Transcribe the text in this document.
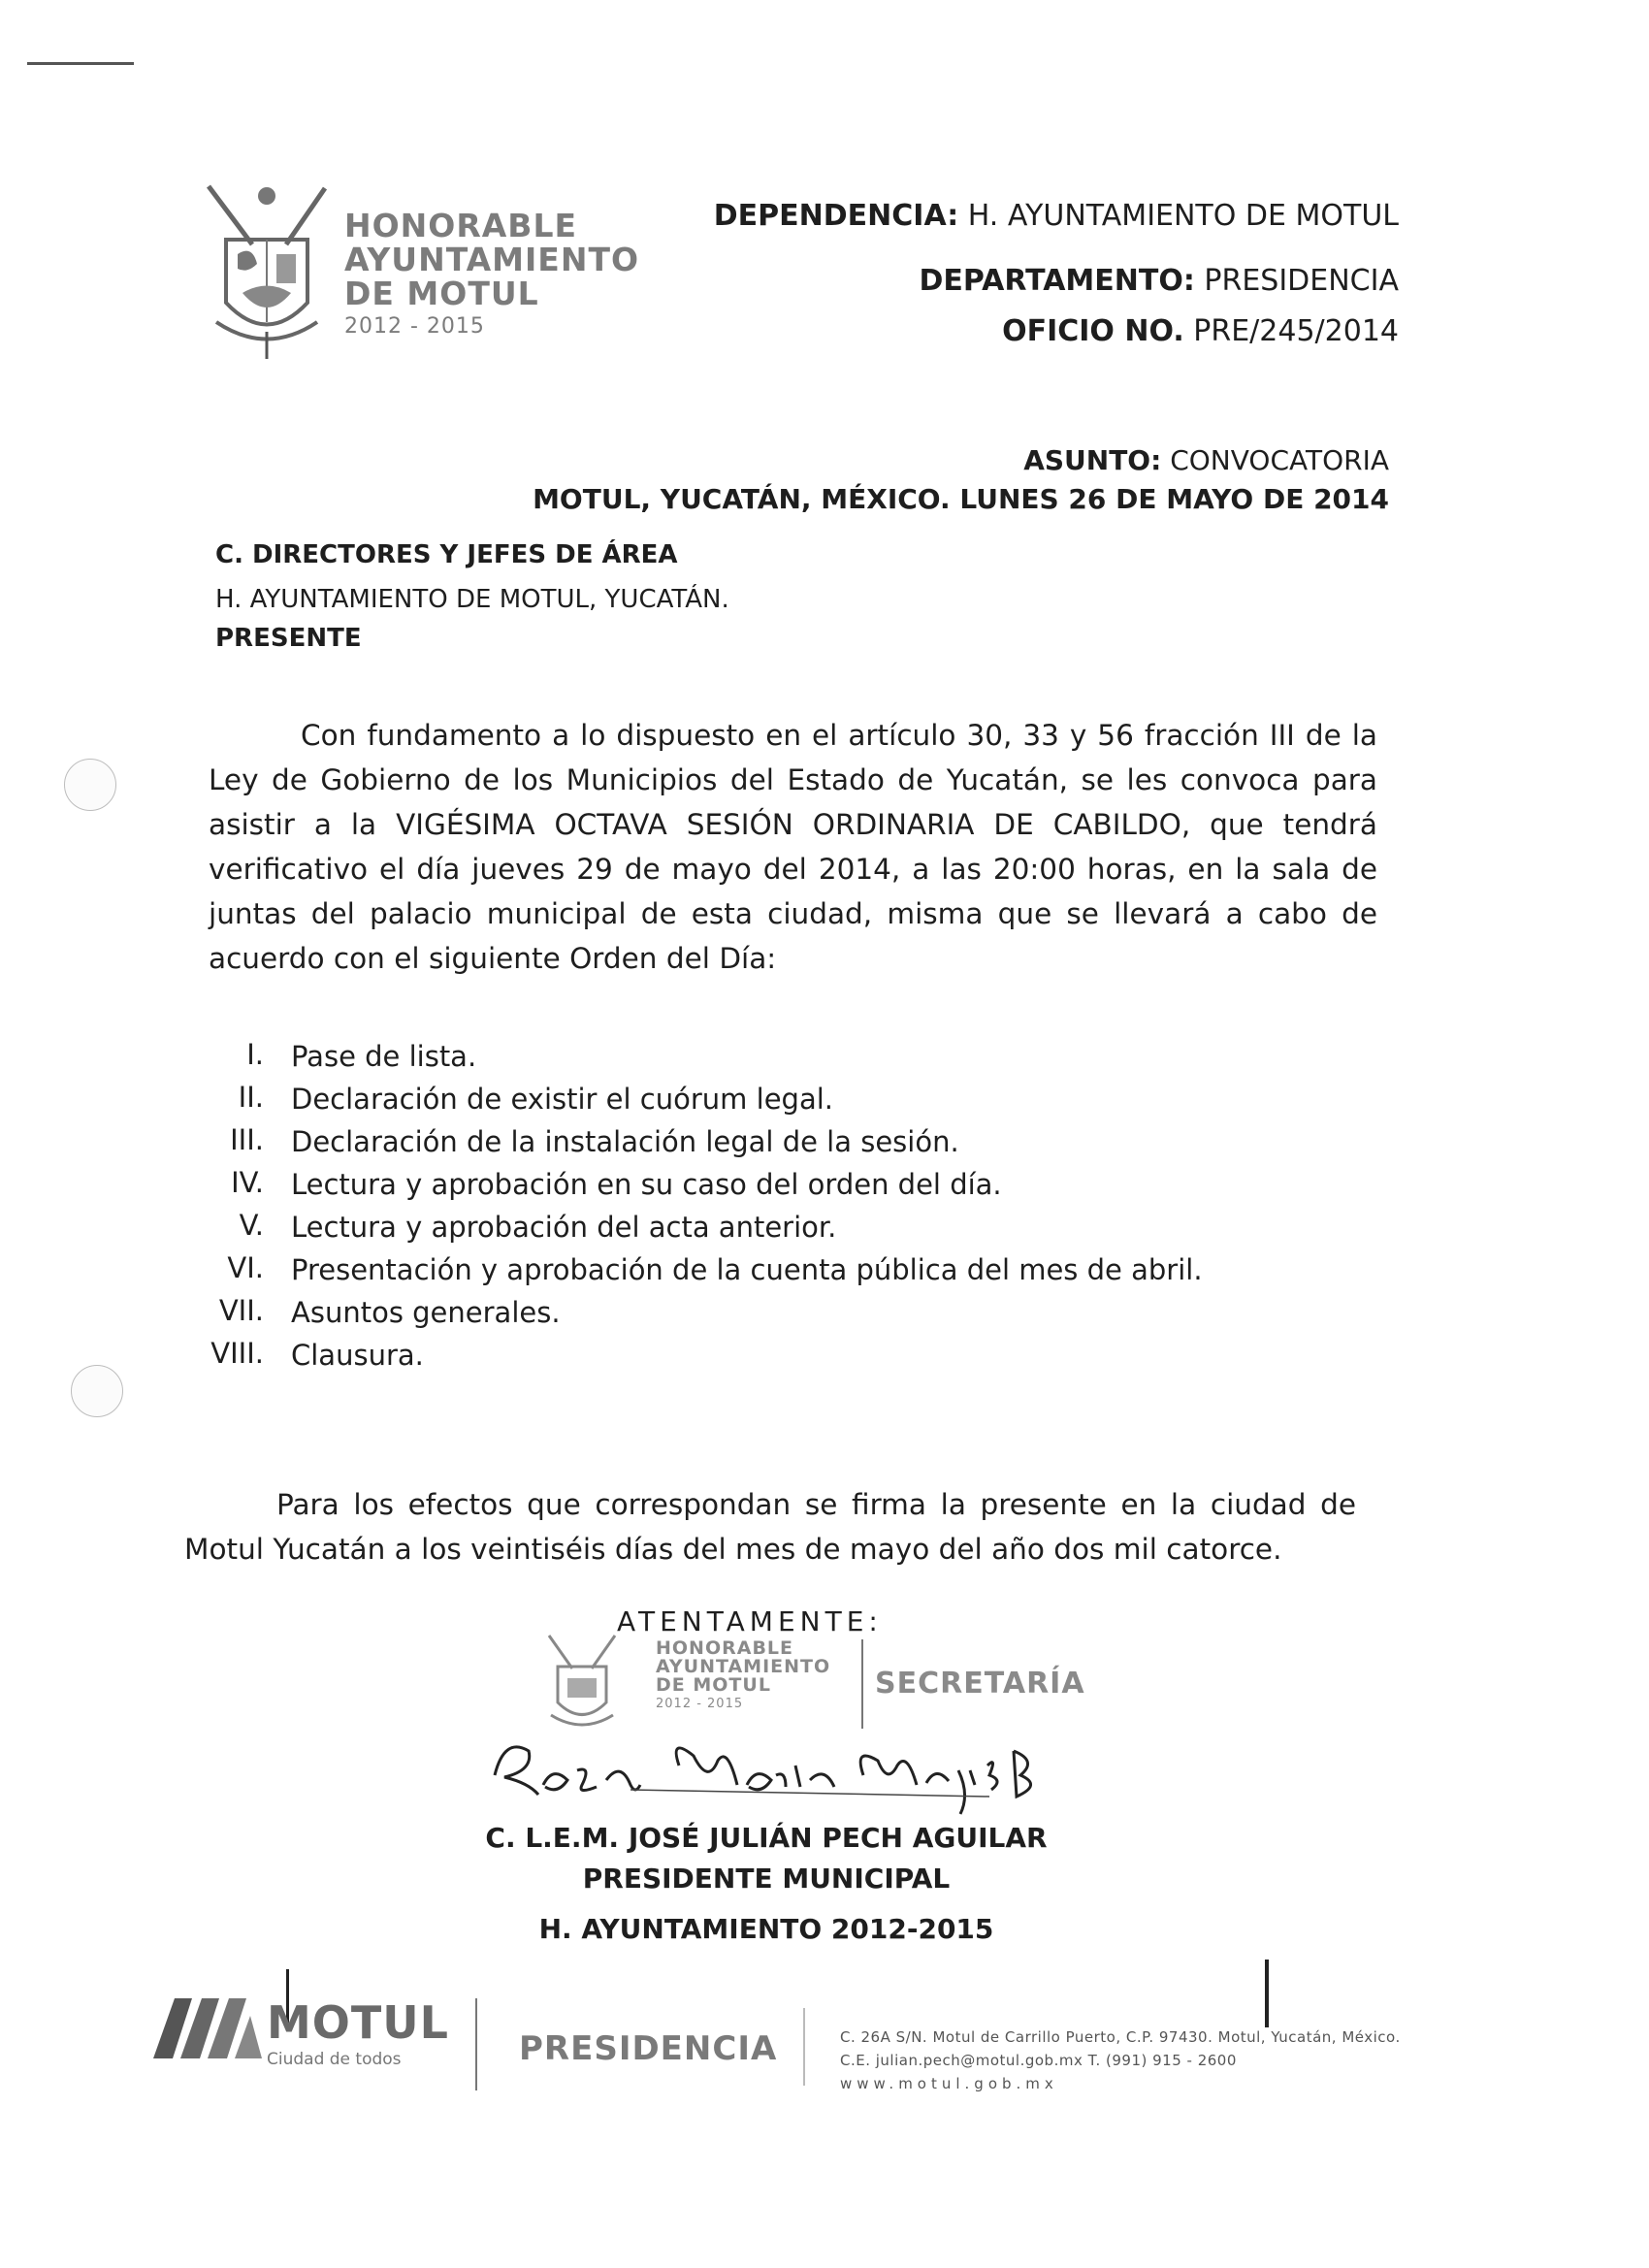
HONORABLE
AYUNTAMIENTO
DE MOTUL
2012 - 2015
DEPENDENCIA: H. AYUNTAMIENTO DE MOTUL
DEPARTAMENTO: PRESIDENCIA
OFICIO NO. PRE/245/2014
ASUNTO: CONVOCATORIA
MOTUL, YUCATÁN, MÉXICO. LUNES 26 DE MAYO DE 2014
C. DIRECTORES Y JEFES DE ÁREA
H. AYUNTAMIENTO DE MOTUL, YUCATÁN.
PRESENTE
Con fundamento a lo dispuesto en el artículo 30, 33 y 56 fracción III de la Ley de Gobierno de los Municipios del Estado de Yucatán, se les convoca para asistir a la VIGÉSIMA OCTAVA SESIÓN ORDINARIA DE CABILDO, que tendrá verificativo el día jueves 29 de mayo del 2014, a las 20:00 horas, en la sala de juntas del palacio municipal de esta ciudad, misma que se llevará a cabo de acuerdo con el siguiente Orden del Día:
I. Pase de lista.
II. Declaración de existir el cuórum legal.
III. Declaración de la instalación legal de la sesión.
IV. Lectura y aprobación en su caso del orden del día.
V. Lectura y aprobación del acta anterior.
VI. Presentación y aprobación de la cuenta pública del mes de abril.
VII. Asuntos generales.
VIII. Clausura.
Para los efectos que correspondan se firma la presente en la ciudad de Motul Yucatán a los veintiséis días del mes de mayo del año dos mil catorce.
ATENTAMENTE:
HONORABLE
AYUNTAMIENTO
DE MOTUL
2012 - 2015
SECRETARÍA
C. L.E.M. JOSÉ JULIÁN PECH AGUILAR
PRESIDENTE MUNICIPAL
H. AYUNTAMIENTO 2012-2015
MOTUL
Ciudad de todos	PRESIDENCIA	C. 26A S/N. Motul de Carrillo Puerto, C.P. 97430. Motul, Yucatán, México.
C.E. julian.pech@motul.gob.mx T. (991) 915 - 2600
www.motul.gob.mx
